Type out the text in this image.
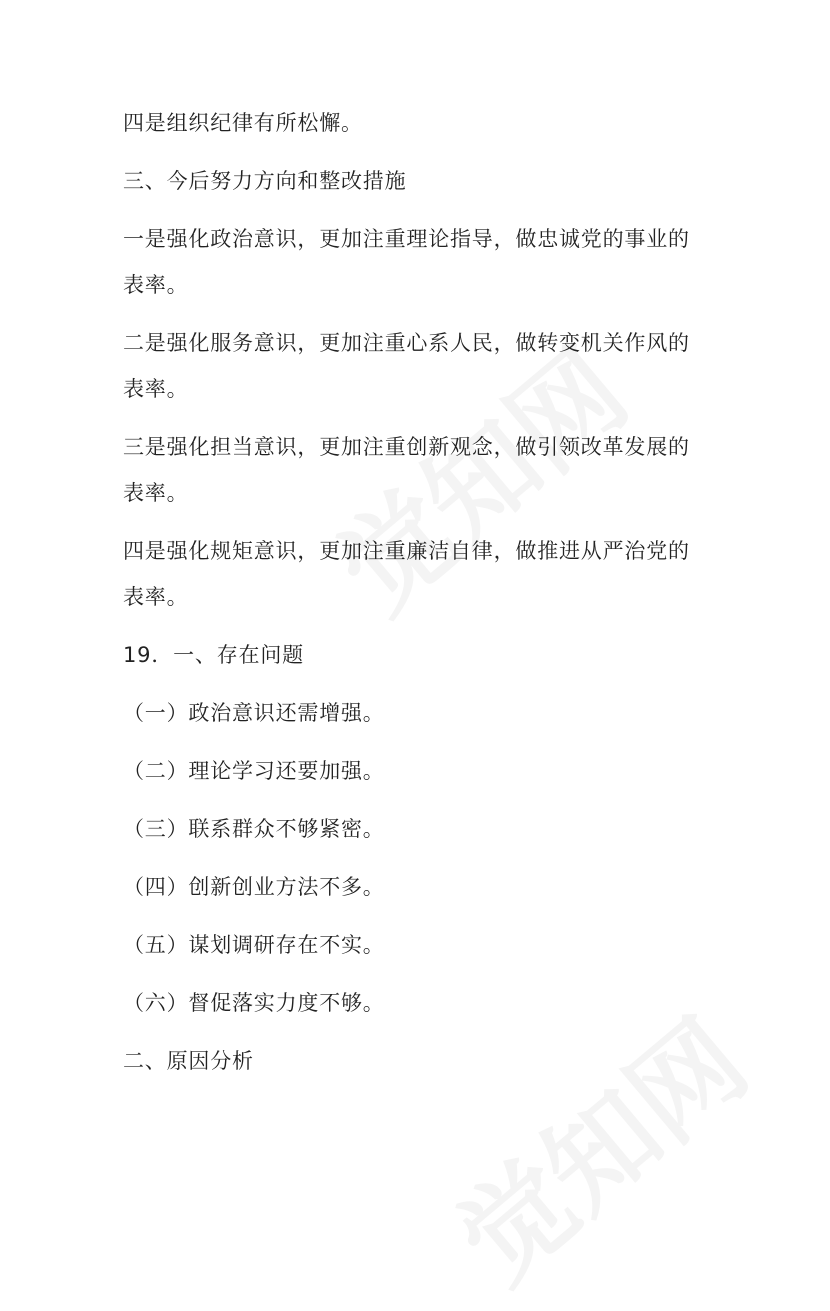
四是组织纪律有所松懈。

三、今后努力方向和整改措施

一是强化政治意识，更加注重理论指导，做忠诚党的事业的表率。

二是强化服务意识，更加注重心系人民，做转变机关作风的表率。

三是强化担当意识，更加注重创新观念，做引领改革发展的表率。

四是强化规矩意识，更加注重廉洁自律，做推进从严治党的表率。

19．一、存在问题

（一）政治意识还需增强。

（二）理论学习还要加强。

（三）联系群众不够紧密。

（四）创新创业方法不多。

（五）谋划调研存在不实。

（六）督促落实力度不够。

二、原因分析
